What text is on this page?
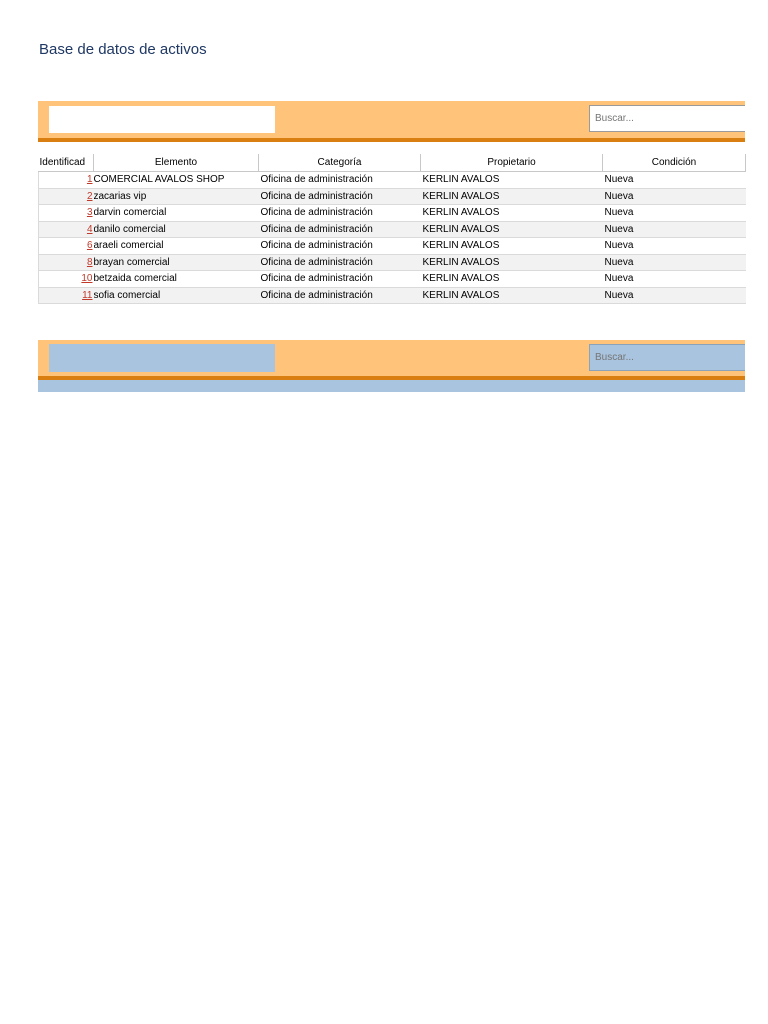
Base de datos de activos
Buscar...
Identificad	Elemento	Categoría	Propietario	Condición
1	COMERCIAL AVALOS SHOP	Oficina de administración	KERLIN AVALOS	Nueva
2	zacarias vip	Oficina de administración	KERLIN AVALOS	Nueva
3	darvin comercial	Oficina de administración	KERLIN AVALOS	Nueva
4	danilo comercial	Oficina de administración	KERLIN AVALOS	Nueva
6	araeli comercial	Oficina de administración	KERLIN AVALOS	Nueva
8	brayan comercial	Oficina de administración	KERLIN AVALOS	Nueva
10	betzaida comercial	Oficina de administración	KERLIN AVALOS	Nueva
11	sofia comercial	Oficina de administración	KERLIN AVALOS	Nueva
Buscar...
